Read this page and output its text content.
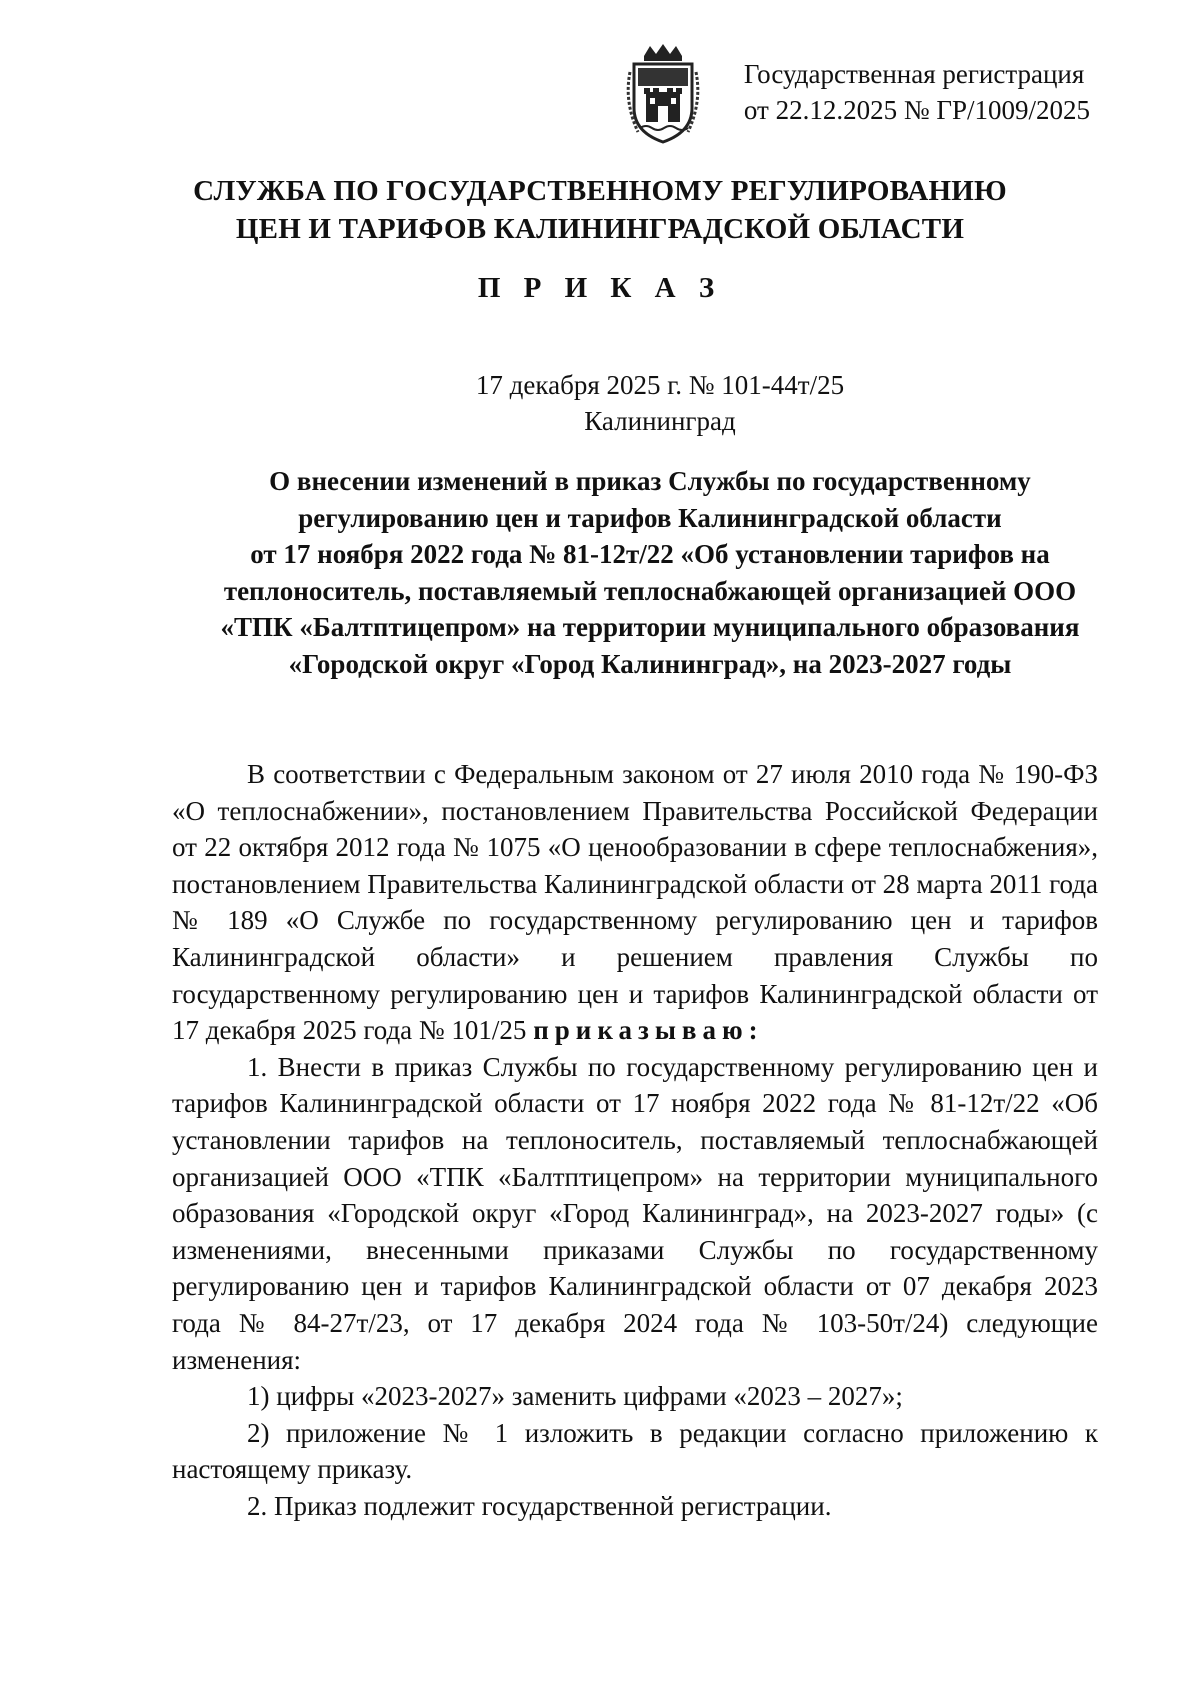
Государственная регистрация
от 22.12.2025 № ГР/1009/2025
СЛУЖБА ПО ГОСУДАРСТВЕННОМУ РЕГУЛИРОВАНИЮ
ЦЕН И ТАРИФОВ КАЛИНИНГРАДСКОЙ ОБЛАСТИ
П Р И К А З
17 декабря 2025 г. № 101-44т/25
Калининград
О внесении изменений в приказ Службы по государственному
регулированию цен и тарифов Калининградской области
от 17 ноября 2022 года № 81-12т/22 «Об установлении тарифов на
теплоноситель, поставляемый теплоснабжающей организацией ООО
«ТПК «Балтптицепром» на территории муниципального образования
«Городской округ «Город Калининград», на 2023-2027 годы

В соответствии с Федеральным законом от 27 июля 2010 года № 190-ФЗ «О теплоснабжении», постановлением Правительства Российской Федерации от 22 октября 2012 года № 1075 «О ценообразовании в сфере теплоснабжения», постановлением Правительства Калининградской области от 28 марта 2011 года № 189 «О Службе по государственному регулированию цен и тарифов Калининградской области» и решением правления Службы по государственному регулированию цен и тарифов Калининградской области от 17 декабря 2025 года № 101/25 приказываю:

1. Внести в приказ Службы по государственному регулированию цен и тарифов Калининградской области от 17 ноября 2022 года № 81-12т/22 «Об установлении тарифов на теплоноситель, поставляемый теплоснабжающей организацией ООО «ТПК «Балтптицепром» на территории муниципального образования «Городской округ «Город Калининград», на 2023-2027 годы» (с изменениями, внесенными приказами Службы по государственному регулированию цен и тарифов Калининградской области от 07 декабря 2023 года № 84-27т/23, от 17 декабря 2024 года № 103-50т/24) следующие изменения:

1) цифры «2023-2027» заменить цифрами «2023 – 2027»;

2) приложение № 1 изложить в редакции согласно приложению к настоящему приказу.

2. Приказ подлежит государственной регистрации.
